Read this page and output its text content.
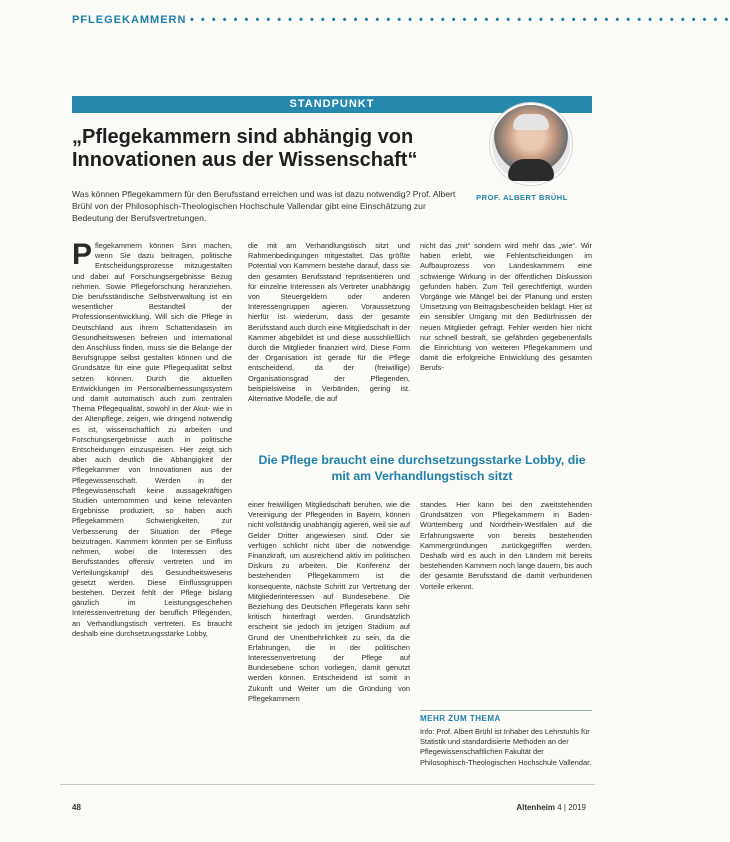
PFLEGEKAMMERN • • • • • • • • • • • • • • • • • • • • • • • • • • • • • • • • • • • • • • • • • • • • • • • • • •
STANDPUNKT
„Pflegekammern sind abhängig von Innovationen aus der Wissenschaft“
PROF. ALBERT BRÜHL
Was können Pflegekammern für den Berufsstand erreichen und was ist dazu notwendig? Prof. Albert Brühl von der Philosophisch-Theologischen Hochschule Vallendar gibt eine Einschätzung zur Bedeutung der Berufsvertretungen.
Pflegekammern können Sinn machen, wenn Sie dazu beitragen, politische Entscheidungsprozesse mitzugestalten und dabei auf Forschungsergebnisse Bezug nehmen. Sowie Pflegeforschung heranziehen. Die berufsständische Selbstverwaltung ist ein wesentlicher Bestandteil der Professionsentwicklung. Will sich die Pflege in Deutschland aus ihrem Schattendasein im Gesundheitswesen befreien und international den Anschluss finden, muss sie die Belange der Berufsgruppe selbst gestalten können und die Grundsätze für eine gute Pflegequalität selbst setzen können. Durch die aktuellen Entwicklungen im Personalbemessungssystem und damit automatisch auch zum zentralen Thema Pflegequalität, sowohl in der Akut- wie in der Altenpflege, zeigen, wie dringend notwendig es ist, wissenschaftlich zu arbeiten und Forschungsergebnisse auch in politische Entscheidungen einzuspeisen. Hier zeigt sich aber auch deutlich die Abhängigkeit der Pflegekammer von Innovationen aus der Pflegewissenschaft. Werden in der Pflegewissenschaft keine aussagekräftigen Studien unternommen und keine relevanten Ergebnisse produziert, so haben auch Pflegekammern Schwierigkeiten, zur Verbesserung der Situation der Pflege beizutragen. Kammern könnten per se Einfluss nehmen, wobei die Interessen des Berufsstandes offensiv vertreten und im Verteilungskampf des Gesundheitswesens gesetzt werden. Diese Einflussgruppen bestehen. Derzeit fehlt der Pflege bislang gänzlich im Leistungsgeschehen Interessenvertretung der beruflich Pflegenden, an Verhandlungstisch vertreten. Es braucht deshalb eine durchsetzungsstarke Lobby,
die mit am Verhandlungstisch sitzt und Rahmenbedingungen mitgestaltet. Das größte Potential von Kammern bestehe darauf, dass sie den gesamten Berufsstand repräsentieren und für einzelne Interessen als Vertreter unabhängig von Steuergeldern oder anderen Interessengruppen agieren. Voraussetzung hierfür ist wiederum, dass der gesamte Berufsstand auch durch eine Mitgliedschaft in der Kammer abgebildet ist und diese ausschließlich durch die Mitglieder finanziert wird. Diese Form der Organisation ist gerade für die Pflege entscheidend, da der (freiwillige) Organisationsgrad der Pflegenden, beispielsweise in Verbänden, gering ist. Alternative Modelle, die auf
nicht das „mit“ sondern wird mehr das „wie“. Wir haben erlebt, wie Fehlentscheidungen im Aufbauprozess von Landeskammern eine schwierige Wirkung in der öffentlichen Diskussion gefunden haben. Zum Teil gerechtfertigt, wurden Vorgänge wie Mängel bei der Planung und ersten Umsetzung von Beitragsbescheiden beklagt. Hier ist ein sensibler Umgang mit den Bedürfnissen der neuen Mitglieder gefragt. Fehler werden hier nicht nur schnell bestraft, sie gefährden gegebenenfalls die Einrichtung von weiteren Pflegekammern und damit die erfolgreiche Entwicklung des gesamten Berufs-
Die Pflege braucht eine durchsetzungsstarke Lobby, die mit am Verhandlungstisch sitzt
einer freiwilligen Mitgliedschaft beruhen, wie die Vereinigung der Pflegenden in Bayern, können nicht vollständig unabhängig agieren, weil sie auf Gelder Dritter angewiesen sind. Oder sie verfügen schlicht nicht über die notwendige Finanzkraft, um ausreichend aktiv im politischen Diskurs zu arbeiten. Die Konferenz der bestehenden Pflegekammern ist die konsequente, nächste Schritt zur Vertretung der Mitgliederinteressen auf Bundesebene. Die Beziehung des Deutschen Pflegerats kann sehr kritisch hinterfragt werden. Grundsätzlich erscheint sie jedoch im jetzigen Stadium auf Grund der Unentbehrlichkeit zu sein, da die Erfahrungen, die in der politischen Interessenvertretung der Pflege auf Bundesebene schon vorliegen, damit genutzt werden können. Entscheidend ist somit in Zukunft und Weiter um die Gründung von Pflegekammern
standes. Hier kann bei den zweitstehenden Grundsätzen von Pflegekammern in Baden-Württemberg und Nordrhein-Westfalen auf die Erfahrungswerte von bereits bestehenden Kammergründungen zurückgegriffen werden. Deshalb wird es auch in den Ländern mit bereits bestehenden Kammern noch lange dauern, bis auch der gesamte Berufsstand die damit verbundenen Vorteile erkennt.
MEHR ZUM THEMA
Info: Prof. Albert Brühl ist Inhaber des Lehrstuhls für Statistik und standardisierte Methoden an der Pflegewissenschaftlichen Fakultät der Philosophisch-Theologischen Hochschule Vallendar.
48	Altenheim 4 | 2019
